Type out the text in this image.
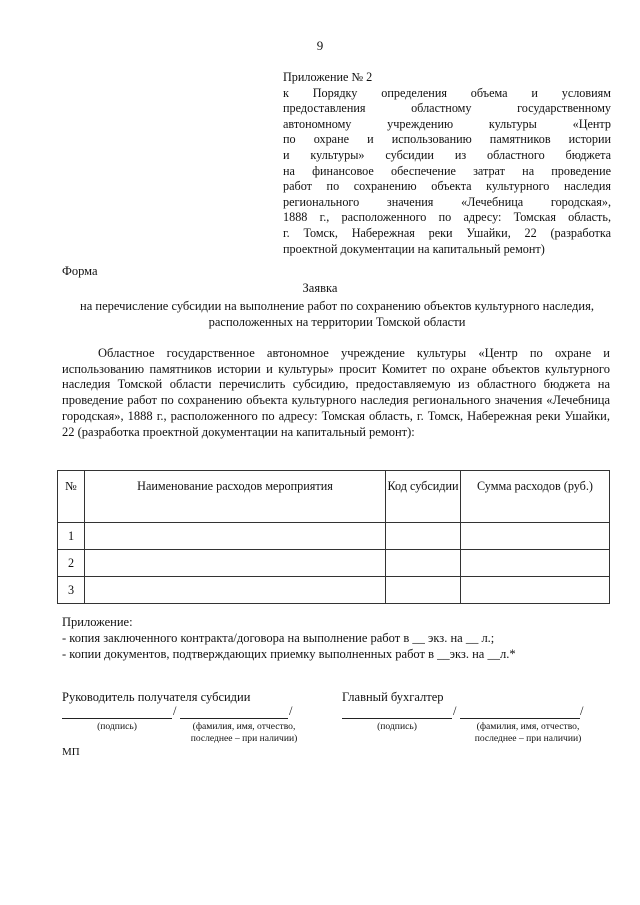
9
Приложение № 2
к Порядку определения объема и условиям
предоставления областному государственному
автономному учреждению культуры «Центр
по охране и использованию памятников истории
и культуры» субсидии из областного бюджета
на финансовое обеспечение затрат на проведение
работ по сохранению объекта культурного наследия
регионального значения «Лечебница городская»,
1888 г., расположенного по адресу: Томская область,
г. Томск, Набережная реки Ушайки, 22 (разработка
проектной документации на капитальный ремонт)
Форма
Заявка
на перечисление субсидии на выполнение работ по сохранению объектов культурного наследия, расположенных на территории Томской области
Областное государственное автономное учреждение культуры «Центр по охране и использованию памятников истории и культуры» просит Комитет по охране объектов культурного наследия Томской области перечислить субсидию, предоставляемую из областного бюджета на проведение работ по сохранению объекта культурного наследия регионального значения «Лечебница городская», 1888 г., расположенного по адресу: Томская область, г. Томск, Набережная реки Ушайки, 22 (разработка проектной документации на капитальный ремонт):
№	Наименование расходов мероприятия	Код субсидии	Сумма расходов (руб.)
1			
2			
3			
Приложение:
- копия заключенного контракта/договора на выполнение работ в __ экз. на __ л.;
- копии документов, подтверждающих приемку выполненных работ в __экз. на __л.*
Руководитель получателя субсидии
/	/
(подпись)	(фамилия, имя, отчество,
последнее – при наличии)
Главный бухгалтер
/	/
(подпись)	(фамилия, имя, отчество,
последнее – при наличии)
МП
